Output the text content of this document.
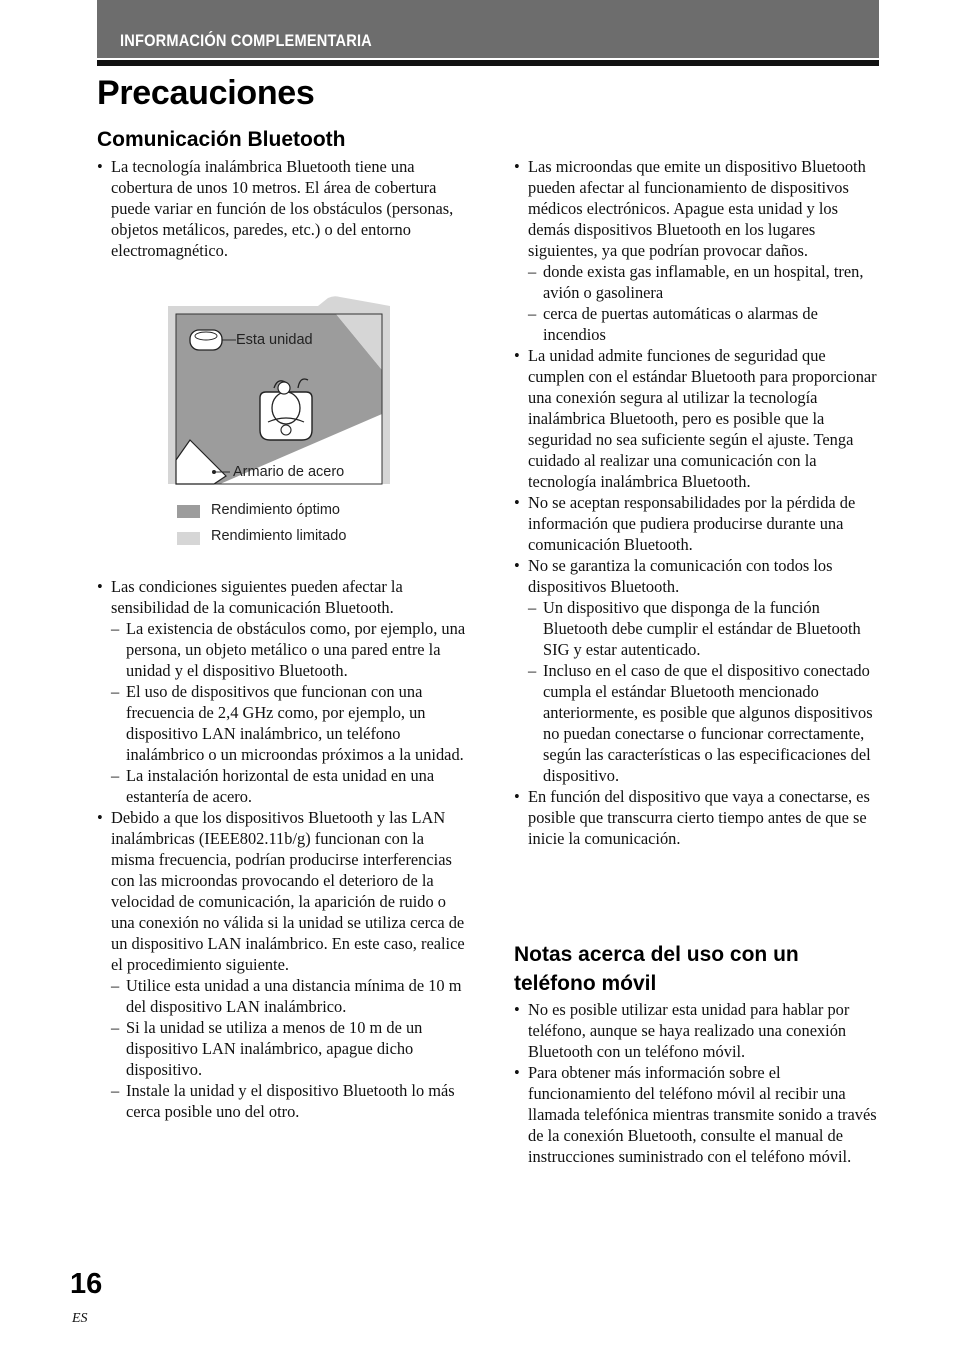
INFORMACIÓN COMPLEMENTARIA
Precauciones
Comunicación Bluetooth
• La tecnología inalámbrica Bluetooth tiene una cobertura de unos 10 metros. El área de cobertura puede variar en función de los obstáculos (personas, objetos metálicos, paredes, etc.) o del entorno electromagnético.
Esta unidad
Armario de acero
Rendimiento óptimo
Rendimiento limitado
• Las condiciones siguientes pueden afectar la sensibilidad de la comunicación Bluetooth.
– La existencia de obstáculos como, por ejemplo, una persona, un objeto metálico o una pared entre la unidad y el dispositivo Bluetooth.
– El uso de dispositivos que funcionan con una frecuencia de 2,4 GHz como, por ejemplo, un dispositivo LAN inalámbrico, un teléfono inalámbrico o un microondas próximos a la unidad.
– La instalación horizontal de esta unidad en una estantería de acero.
• Debido a que los dispositivos Bluetooth y las LAN inalámbricas (IEEE802.11b/g) funcionan con la misma frecuencia, podrían producirse interferencias con las microondas provocando el deterioro de la velocidad de comunicación, la aparición de ruido o una conexión no válida si la unidad se utiliza cerca de un dispositivo LAN inalámbrico. En este caso, realice el procedimiento siguiente.
– Utilice esta unidad a una distancia mínima de 10 m del dispositivo LAN inalámbrico.
– Si la unidad se utiliza a menos de 10 m de un dispositivo LAN inalámbrico, apague dicho dispositivo.
– Instale la unidad y el dispositivo Bluetooth lo más cerca posible uno del otro.
• Las microondas que emite un dispositivo Bluetooth pueden afectar al funcionamiento de dispositivos médicos electrónicos. Apague esta unidad y los demás dispositivos Bluetooth en los lugares siguientes, ya que podrían provocar daños.
– donde exista gas inflamable, en un hospital, tren, avión o gasolinera
– cerca de puertas automáticas o alarmas de incendios
• La unidad admite funciones de seguridad que cumplen con el estándar Bluetooth para proporcionar una conexión segura al utilizar la tecnología inalámbrica Bluetooth, pero es posible que la seguridad no sea suficiente según el ajuste. Tenga cuidado al realizar una comunicación con la tecnología inalámbrica Bluetooth.
• No se aceptan responsabilidades por la pérdida de información que pudiera producirse durante una comunicación Bluetooth.
• No se garantiza la comunicación con todos los dispositivos Bluetooth.
– Un dispositivo que disponga de la función Bluetooth debe cumplir el estándar de Bluetooth SIG y estar autenticado.
– Incluso en el caso de que el dispositivo conectado cumpla el estándar Bluetooth mencionado anteriormente, es posible que algunos dispositivos no puedan conectarse o funcionar correctamente, según las características o las especificaciones del dispositivo.
• En función del dispositivo que vaya a conectarse, es posible que transcurra cierto tiempo antes de que se inicie la comunicación.
Notas acerca del uso con un
teléfono móvil
• No es posible utilizar esta unidad para hablar por teléfono, aunque se haya realizado una conexión Bluetooth con un teléfono móvil.
• Para obtener más información sobre el funcionamiento del teléfono móvil al recibir una llamada telefónica mientras transmite sonido a través de la conexión Bluetooth, consulte el manual de instrucciones suministrado con el teléfono móvil.
16
ES
